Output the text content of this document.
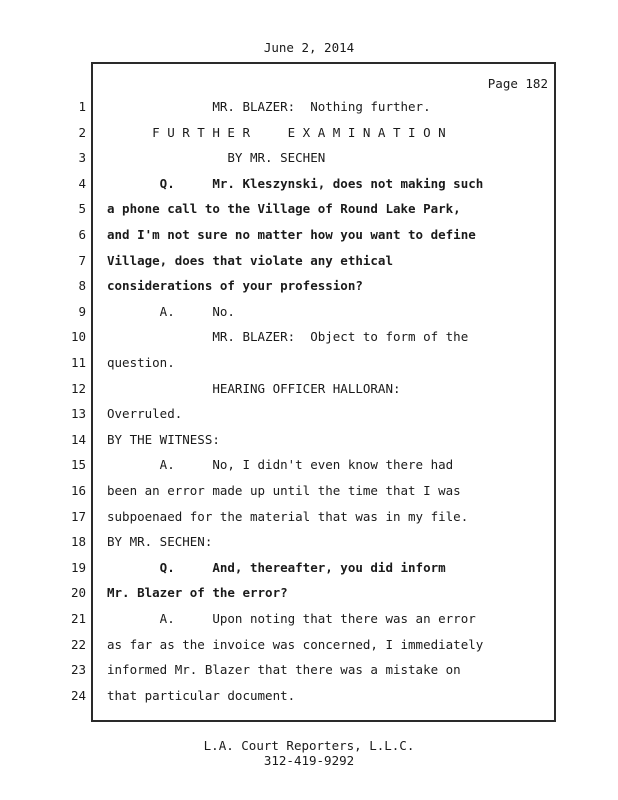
June 2, 2014
Page 182
1 MR. BLAZER:  Nothing further.
2 F U R T H E R     E X A M I N A T I O N
3 BY MR. SECHEN
4 Q.     Mr. Kleszynski, does not making such
5 a phone call to the Village of Round Lake Park,
6 and I'm not sure no matter how you want to define
7 Village, does that violate any ethical
8 considerations of your profession?
9 A.     No.
10 MR. BLAZER:  Object to form of the
11 question.
12 HEARING OFFICER HALLORAN:
13 Overruled.
14 BY THE WITNESS:
15 A.     No, I didn't even know there had
16 been an error made up until the time that I was
17 subpoenaed for the material that was in my file.
18 BY MR. SECHEN:
19 Q.     And, thereafter, you did inform
20 Mr. Blazer of the error?
21 A.     Upon noting that there was an error
22 as far as the invoice was concerned, I immediately
23 informed Mr. Blazer that there was a mistake on
24 that particular document.
L.A. Court Reporters, L.L.C.
312-419-9292
